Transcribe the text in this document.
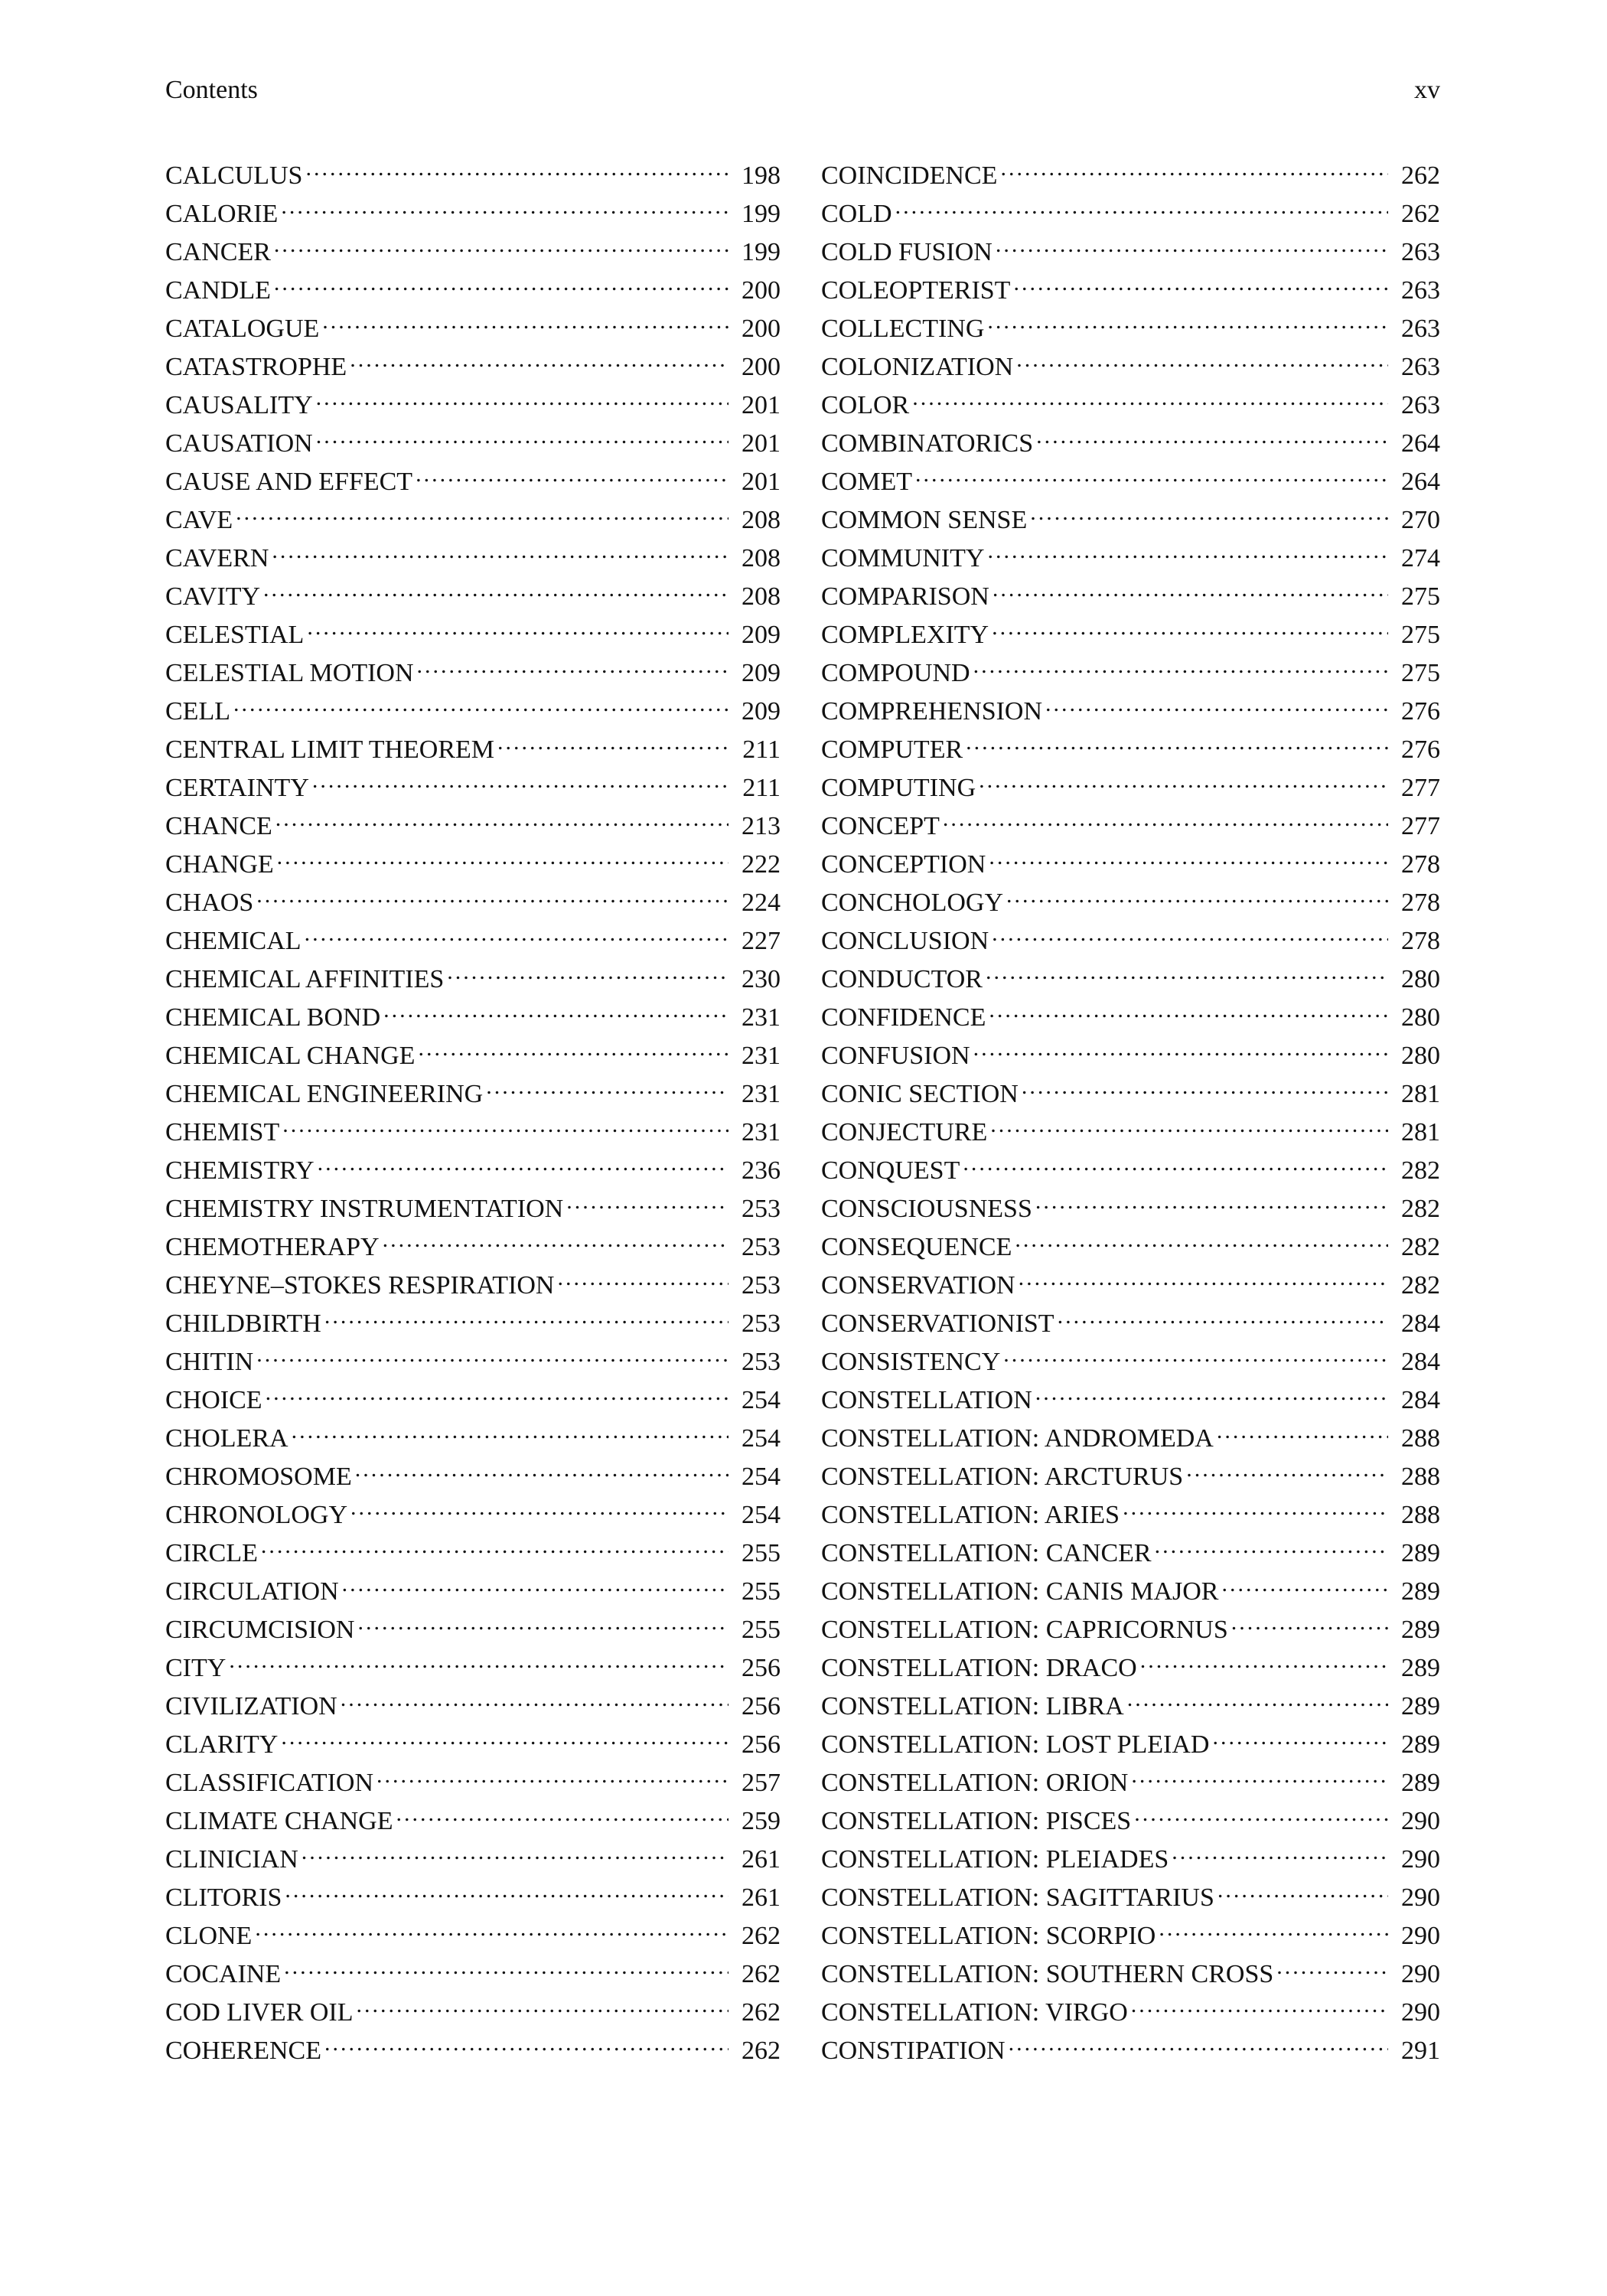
Contents	xv
CALCULUS .....	198
CALORIE .....	199
CANCER .....	199
CANDLE .....	200
CATALOGUE .....	200
CATASTROPHE .....	200
CAUSALITY .....	201
CAUSATION .....	201
CAUSE AND EFFECT .....	201
CAVE .....	208
CAVERN .....	208
CAVITY .....	208
CELESTIAL .....	209
CELESTIAL MOTION .....	209
CELL .....	209
CENTRAL LIMIT THEOREM .....	211
CERTAINTY .....	211
CHANCE .....	213
CHANGE .....	222
CHAOS .....	224
CHEMICAL .....	227
CHEMICAL AFFINITIES .....	230
CHEMICAL BOND .....	231
CHEMICAL CHANGE .....	231
CHEMICAL ENGINEERING .....	231
CHEMIST .....	231
CHEMISTRY .....	236
CHEMISTRY INSTRUMENTATION .....	253
CHEMOTHERAPY .....	253
CHEYNE–STOKES RESPIRATION .....	253
CHILDBIRTH .....	253
CHITIN .....	253
CHOICE .....	254
CHOLERA .....	254
CHROMOSOME .....	254
CHRONOLOGY .....	254
CIRCLE .....	255
CIRCULATION .....	255
CIRCUMCISION .....	255
CITY .....	256
CIVILIZATION .....	256
CLARITY .....	256
CLASSIFICATION .....	257
CLIMATE CHANGE .....	259
CLINICIAN .....	261
CLITORIS .....	261
CLONE .....	262
COCAINE .....	262
COD LIVER OIL .....	262
COHERENCE .....	262
COINCIDENCE .....	262
COLD .....	262
COLD FUSION .....	263
COLEOPTERIST .....	263
COLLECTING .....	263
COLONIZATION .....	263
COLOR .....	263
COMBINATORICS .....	264
COMET .....	264
COMMON SENSE .....	270
COMMUNITY .....	274
COMPARISON .....	275
COMPLEXITY .....	275
COMPOUND .....	275
COMPREHENSION .....	276
COMPUTER .....	276
COMPUTING .....	277
CONCEPT .....	277
CONCEPTION .....	278
CONCHOLOGY .....	278
CONCLUSION .....	278
CONDUCTOR .....	280
CONFIDENCE .....	280
CONFUSION .....	280
CONIC SECTION .....	281
CONJECTURE .....	281
CONQUEST .....	282
CONSCIOUSNESS .....	282
CONSEQUENCE .....	282
CONSERVATION .....	282
CONSERVATIONIST .....	284
CONSISTENCY .....	284
CONSTELLATION .....	284
CONSTELLATION: ANDROMEDA .....	288
CONSTELLATION: ARCTURUS .....	288
CONSTELLATION: ARIES .....	288
CONSTELLATION: CANCER .....	289
CONSTELLATION: CANIS MAJOR .....	289
CONSTELLATION: CAPRICORNUS .....	289
CONSTELLATION: DRACO .....	289
CONSTELLATION: LIBRA .....	289
CONSTELLATION: LOST PLEIAD .....	289
CONSTELLATION: ORION .....	289
CONSTELLATION: PISCES .....	290
CONSTELLATION: PLEIADES .....	290
CONSTELLATION: SAGITTARIUS .....	290
CONSTELLATION: SCORPIO .....	290
CONSTELLATION: SOUTHERN CROSS .....	290
CONSTELLATION: VIRGO .....	290
CONSTIPATION .....	291
